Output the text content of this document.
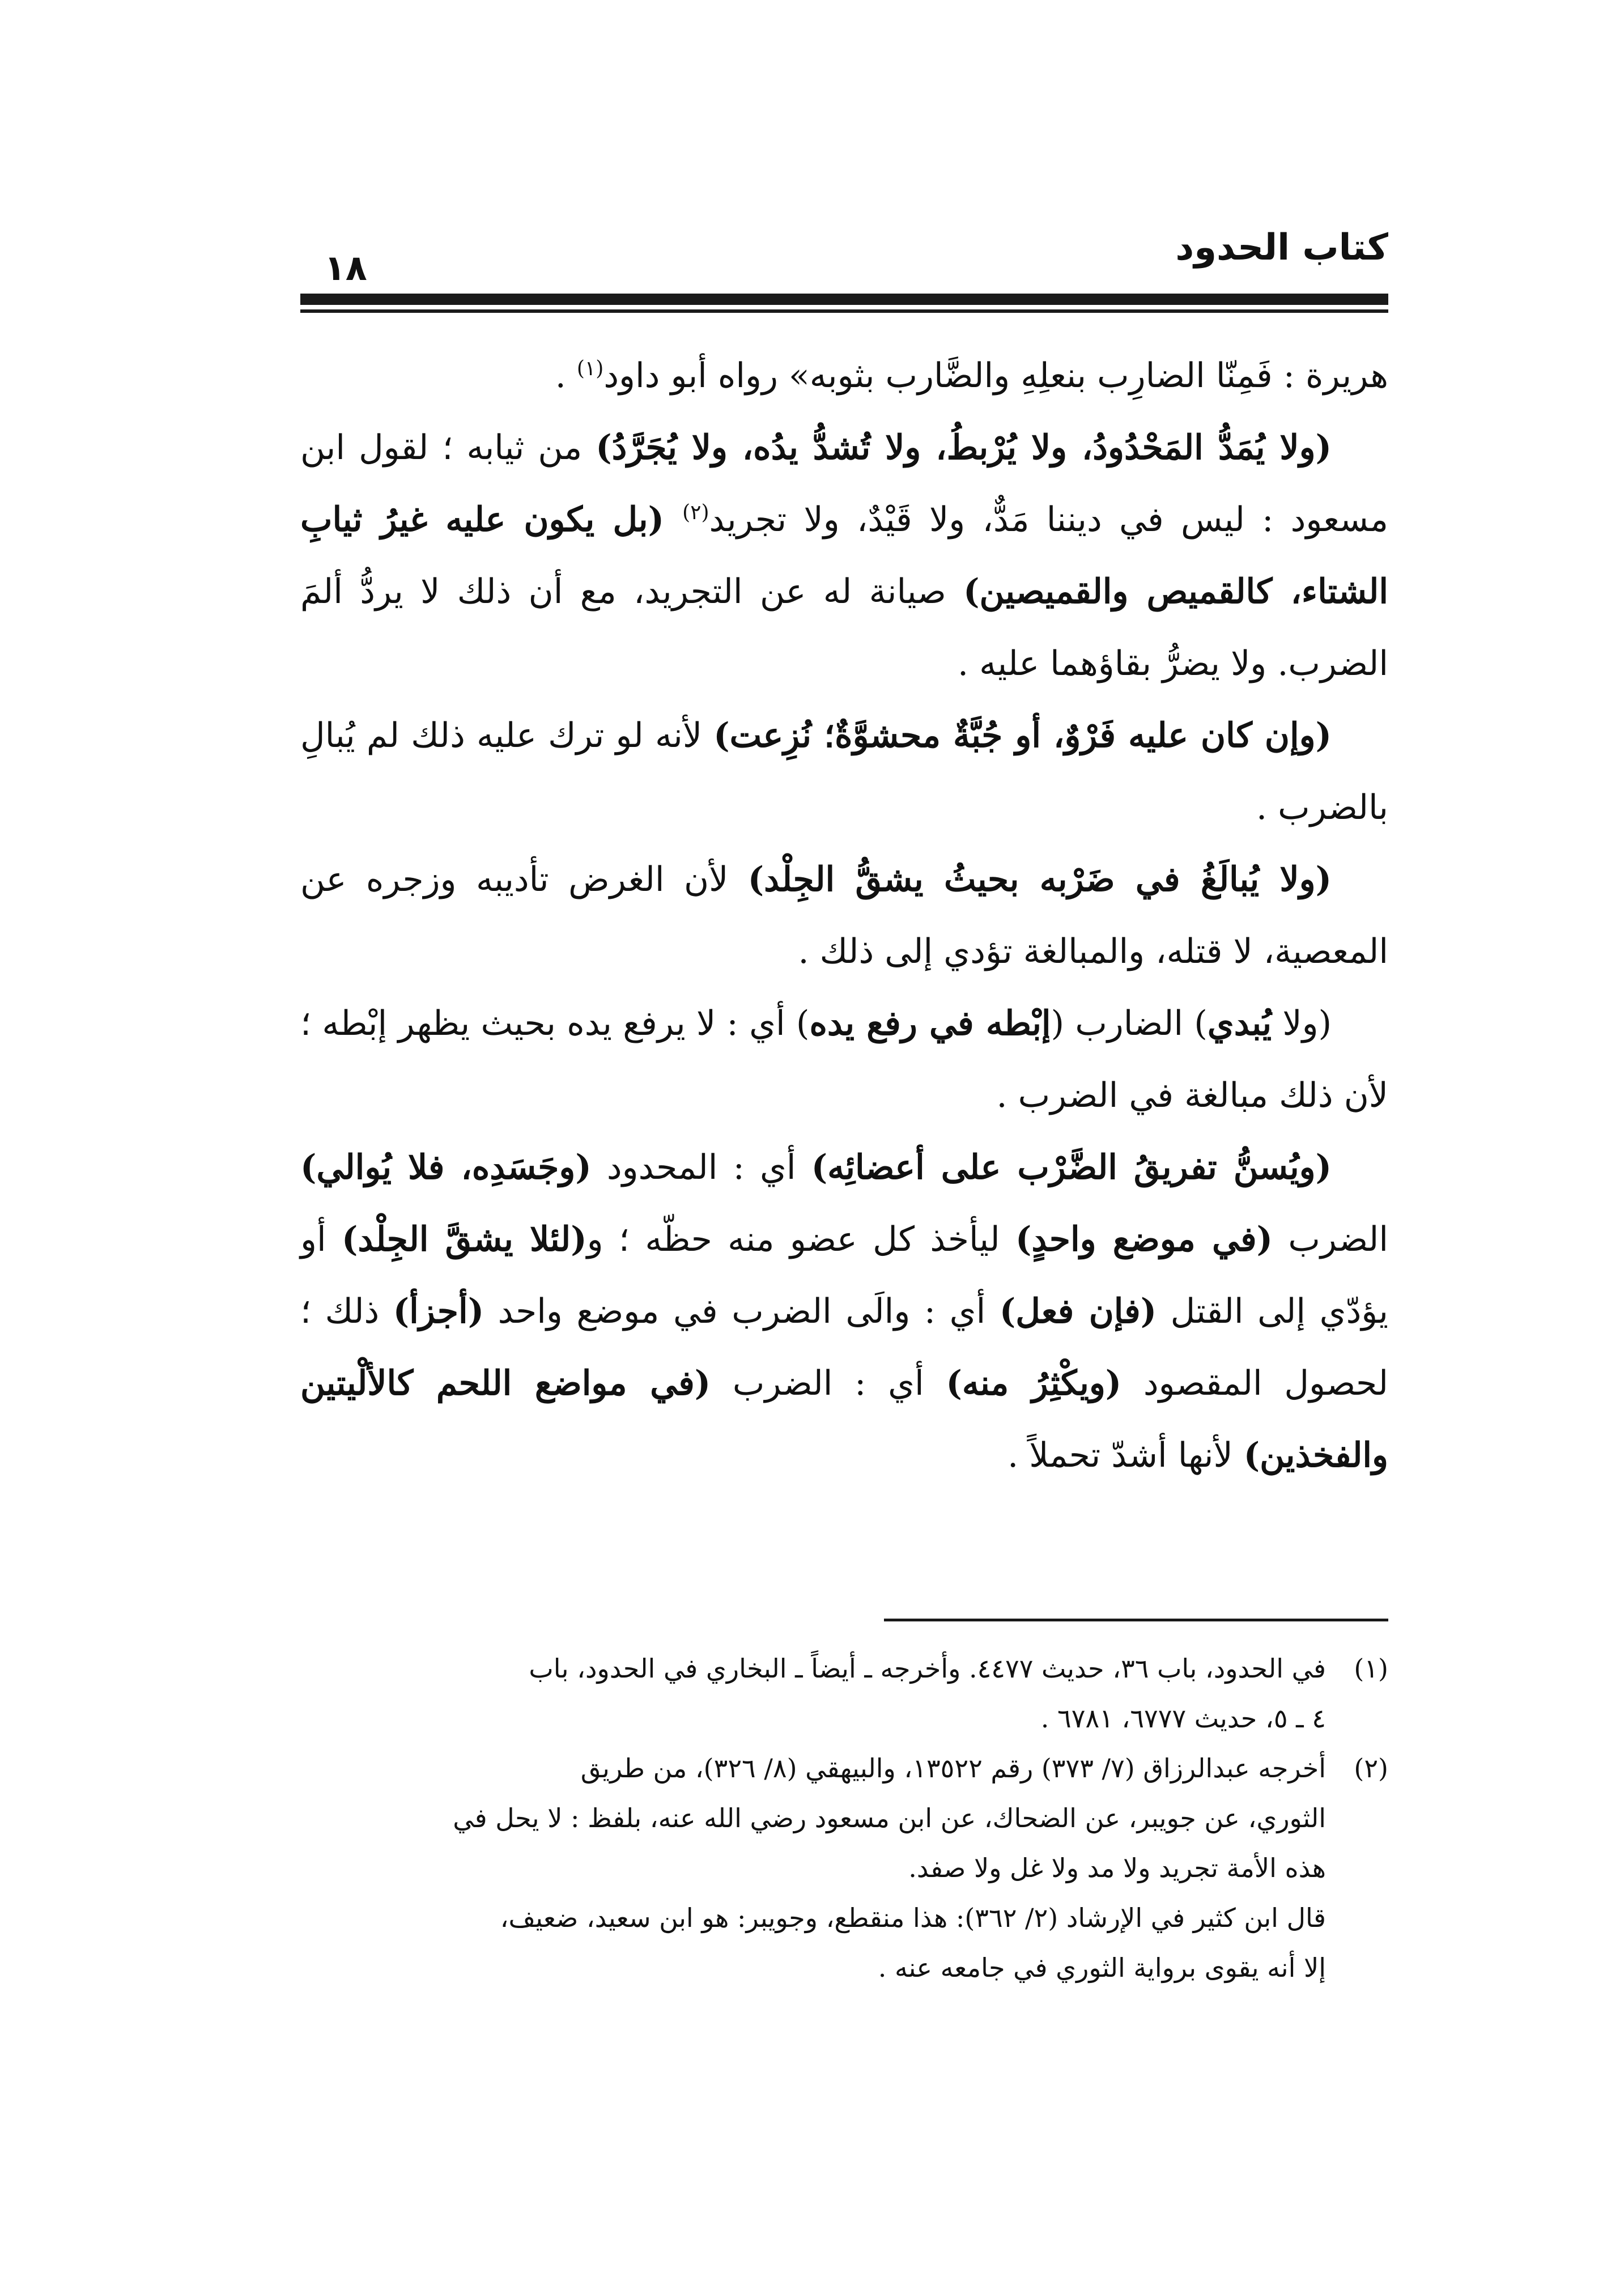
كتاب الحدود
١٨

هريرة : فَمِنّا الضارِب بنعلِهِ والضَّارب بثوبه» رواه أبو داود$^{(١)}$ .

(ولا يُمَدُّ المَحْدُودُ، ولا يُرْبطُ، ولا تُشدُّ يدُه، ولا يُجَرَّدُ) من ثيابه ؛ لقول ابن مسعود : ليس في ديننا مَدٌّ، ولا قَيْدٌ، ولا تجريد$^{(٢)}$ (بل يكون عليه غيرُ ثيابِ الشتاء، كالقميص والقميصين) صيانة له عن التجريد، مع أن ذلك لا يردُّ ألمَ الضرب. ولا يضرُّ بقاؤهما عليه .

(وإن كان عليه فَرْوٌ، أو جُبَّةٌ محشوَّةٌ؛ نُزِعت) لأنه لو ترك عليه ذلك لم يُبالِ بالضرب .

(ولا يُبالَغُ في ضَرْبه بحيثُ يشقُّ الجِلْد) لأن الغرض تأديبه وزجره عن المعصية، لا قتله، والمبالغة تؤدي إلى ذلك .

(ولا يُبدي) الضارب (إبْطه في رفع يده) أي : لا يرفع يده بحيث يظهر إبْطه ؛ لأن ذلك مبالغة في الضرب .

(ويُسنُّ تفريقُ الضَّرْب على أعضائِه) أي : المحدود (وجَسَدِه، فلا يُوالي) الضرب (في موضع واحدٍ) ليأخذ كل عضو منه حظّه ؛ و(لئلا يشقَّ الجِلْد) أو يؤدّي إلى القتل (فإن فعل) أي : والَى الضرب في موضع واحد (أجزأ) ذلك ؛ لحصول المقصود (ويكْثِرُ منه) أي : الضرب (في مواضع اللحم كالألْيتين والفخذين) لأنها أشدّ تحملاً .

(١)
في الحدود، باب ٣٦، حديث ٤٤٧٧. وأخرجه ـ أيضاً ـ البخاري في الحدود، باب
٤ ـ ٥، حديث ٦٧٧٧، ٦٧٨١ .
(٢)
أخرجه عبدالرزاق (٧/ ٣٧٣) رقم ١٣٥٢٢، والبيهقي (٨/ ٣٢٦)، من طريق
الثوري، عن جويبر، عن الضحاك، عن ابن مسعود رضي الله عنه، بلفظ : لا يحل في
هذه الأمة تجريد ولا مد ولا غل ولا صفد.
قال ابن كثير في الإرشاد (٢/ ٣٦٢): هذا منقطع، وجويبر: هو ابن سعيد، ضعيف،
إلا أنه يقوى برواية الثوري في جامعه عنه .
